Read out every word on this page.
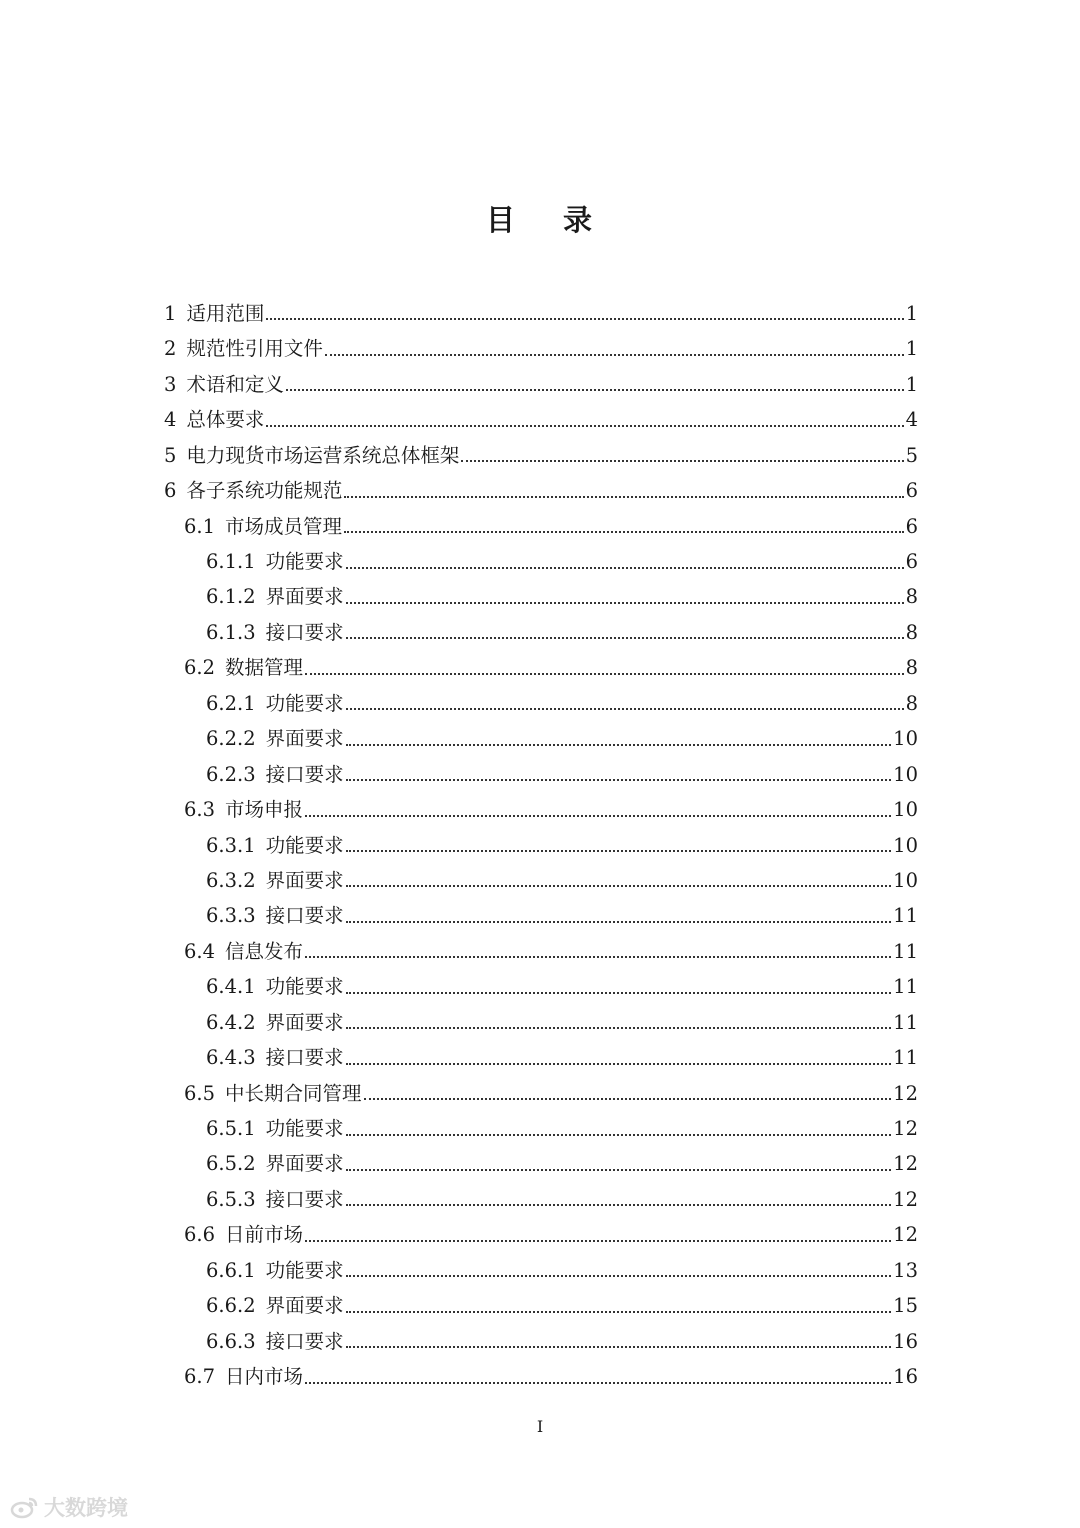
目 录
1 适用范围	1
2 规范性引用文件	1
3 术语和定义	1
4 总体要求	4
5 电力现货市场运营系统总体框架	5
6 各子系统功能规范	6
6.1 市场成员管理	6
6.1.1 功能要求	6
6.1.2 界面要求	8
6.1.3 接口要求	8
6.2 数据管理	8
6.2.1 功能要求	8
6.2.2 界面要求	10
6.2.3 接口要求	10
6.3 市场申报	10
6.3.1 功能要求	10
6.3.2 界面要求	10
6.3.3 接口要求	11
6.4 信息发布	11
6.4.1 功能要求	11
6.4.2 界面要求	11
6.4.3 接口要求	11
6.5 中长期合同管理	12
6.5.1 功能要求	12
6.5.2 界面要求	12
6.5.3 接口要求	12
6.6 日前市场	12
6.6.1 功能要求	13
6.6.2 界面要求	15
6.6.3 接口要求	16
6.7 日内市场	16
I
大数跨境
